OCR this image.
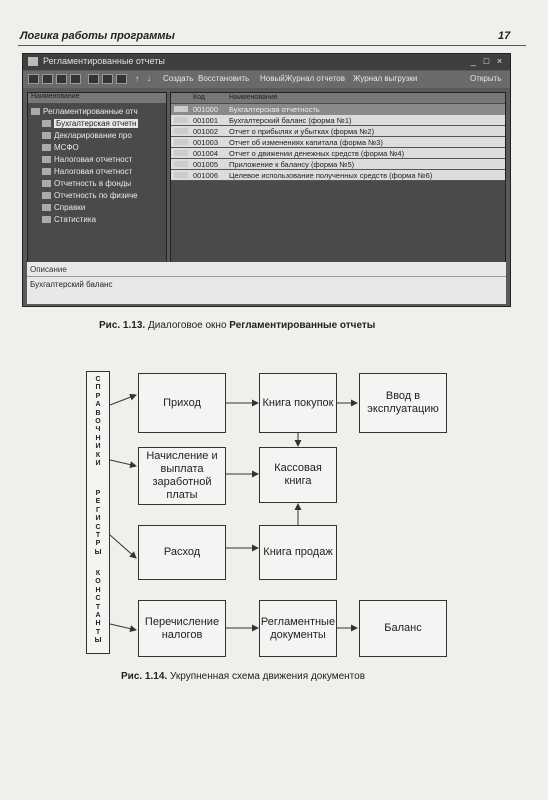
Логика работы программы	17
Регламентированные отчеты	_ □ ×
↑ ↓ Создать Восстановить Новый Журнал отчетов Журнал выгрузки	Открыть
Наименование
Регламентированные отч
Бухгалтерская отчетн
Декларирование про
МСФО
Налоговая отчетност
Налоговая отчетност
Отчетность в фонды
Отчетность по физиче
Справки
Статистика
Код	Наименование
001000 Бухгалтерская отчетность
001001 Бухгалтерский баланс (форма №1)
001002 Отчет о прибылях и убытках (форма №2)
001003 Отчет об изменениях капитала (форма №3)
001004 Отчет о движении денежных средств (форма №4)
001005 Приложение к балансу (форма №5)
001006 Целевое использование полученных средств (форма №6)
Описание
Бухгалтерский баланс
Рис. 1.13. Диалоговое окно Регламентированные отчеты
С
П
Р
А
В
О
Ч
Н
И
К
И
Р
Е
Г
И
С
Т
Р
Ы
К
О
Н
С
Т
А
Н
Т
Ы
Приход	Книга покупок
Ввод в эксплуатацию
Начисление и выплата заработной платы
Кассовая книга
Расход	Книга продаж
Перечисление налогов
Регламентные документы
Баланс
Рис. 1.14. Укрупненная схема движения документов
